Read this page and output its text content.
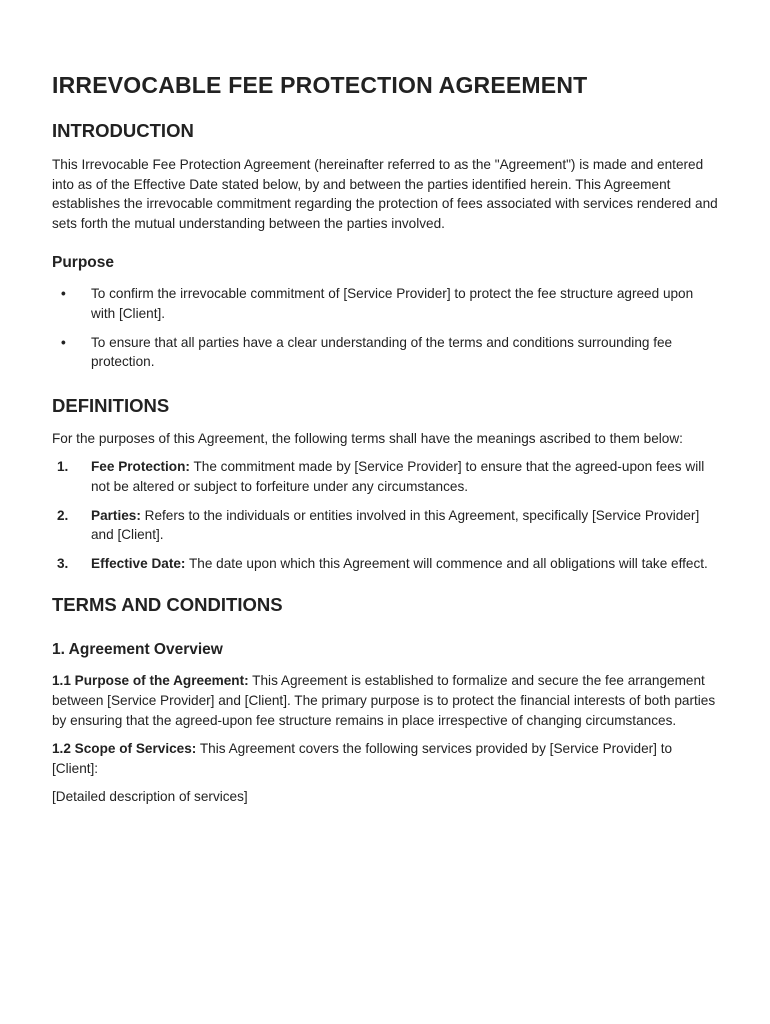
IRREVOCABLE FEE PROTECTION AGREEMENT
INTRODUCTION

This Irrevocable Fee Protection Agreement (hereinafter referred to as the "Agreement") is made and entered into as of the Effective Date stated below, by and between the parties identified herein. This Agreement establishes the irrevocable commitment regarding the protection of fees associated with services rendered and sets forth the mutual understanding between the parties involved.

Purpose
• To confirm the irrevocable commitment of [Service Provider] to protect the fee structure agreed upon with [Client].
• To ensure that all parties have a clear understanding of the terms and conditions surrounding fee protection.
DEFINITIONS

For the purposes of this Agreement, the following terms shall have the meanings ascribed to them below:

1. Fee Protection: The commitment made by [Service Provider] to ensure that the agreed-upon fees will not be altered or subject to forfeiture under any circumstances.
2. Parties: Refers to the individuals or entities involved in this Agreement, specifically [Service Provider] and [Client].
3. Effective Date: The date upon which this Agreement will commence and all obligations will take effect.
TERMS AND CONDITIONS
1. Agreement Overview

1.1 Purpose of the Agreement: This Agreement is established to formalize and secure the fee arrangement between [Service Provider] and [Client]. The primary purpose is to protect the financial interests of both parties by ensuring that the agreed-upon fee structure remains in place irrespective of changing circumstances.

1.2 Scope of Services: This Agreement covers the following services provided by [Service Provider] to [Client]:

[Detailed description of services]
